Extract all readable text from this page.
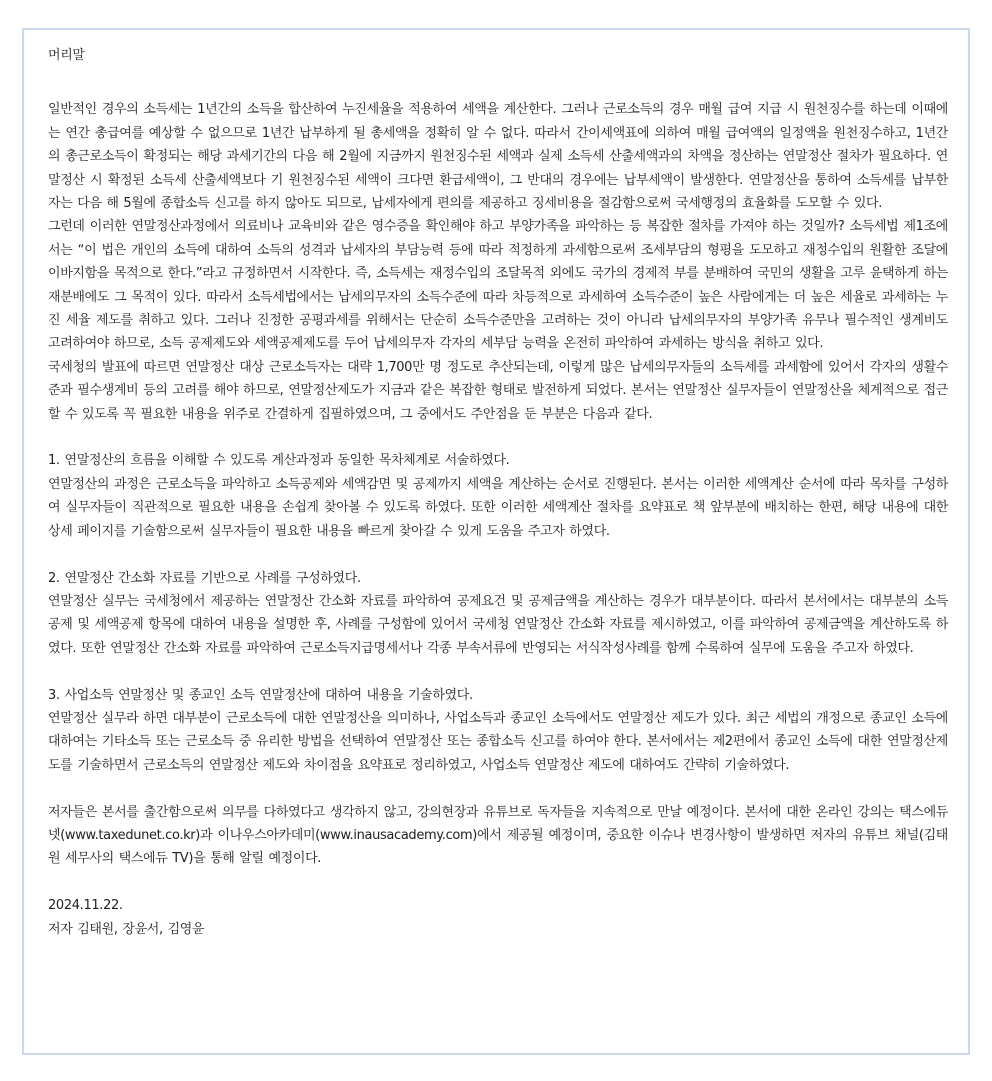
머리말

일반적인 경우의 소득세는 1년간의 소득을 합산하여 누진세율을 적용하여 세액을 계산한다. 그러나 근로소득의 경우 매월 급여 지급 시 원천징수를 하는데 이때에는 연간 총급여를 예상할 수 없으므로 1년간 납부하게 될 총세액을 정확히 알 수 없다. 따라서 간이세액표에 의하여 매월 급여액의 일정액을 원천징수하고, 1년간의 총근로소득이 확정되는 해당 과세기간의 다음 해 2월에 지금까지 원천징수된 세액과 실제 소득세 산출세액과의 차액을 정산하는 연말정산 절차가 필요하다. 연말정산 시 확정된 소득세 산출세액보다 기 원천징수된 세액이 크다면 환급세액이, 그 반대의 경우에는 납부세액이 발생한다. 연말정산을 통하여 소득세를 납부한 자는 다음 해 5월에 종합소득 신고를 하지 않아도 되므로, 납세자에게 편의를 제공하고 징세비용을 절감함으로써 국세행정의 효율화를 도모할 수 있다.

그런데 이러한 연말정산과정에서 의료비나 교육비와 같은 영수증을 확인해야 하고 부양가족을 파악하는 등 복잡한 절차를 가져야 하는 것일까? 소득세법 제1조에서는 “이 법은 개인의 소득에 대하여 소득의 성격과 납세자의 부담능력 등에 따라 적정하게 과세함으로써 조세부담의 형평을 도모하고 재정수입의 원활한 조달에 이바지함을 목적으로 한다.”라고 규정하면서 시작한다. 즉, 소득세는 재정수입의 조달목적 외에도 국가의 경제적 부를 분배하여 국민의 생활을 고루 윤택하게 하는 재분배에도 그 목적이 있다. 따라서 소득세법에서는 납세의무자의 소득수준에 따라 차등적으로 과세하여 소득수준이 높은 사람에게는 더 높은 세율로 과세하는 누진 세율 제도를 취하고 있다. 그러나 진정한 공평과세를 위해서는 단순히 소득수준만을 고려하는 것이 아니라 납세의무자의 부양가족 유무나 필수적인 생계비도 고려하여야 하므로, 소득 공제제도와 세액공제제도를 두어 납세의무자 각자의 세부담 능력을 온전히 파악하여 과세하는 방식을 취하고 있다.

국세청의 발표에 따르면 연말정산 대상 근로소득자는 대략 1,700만 명 정도로 추산되는데, 이렇게 많은 납세의무자들의 소득세를 과세함에 있어서 각자의 생활수준과 필수생계비 등의 고려를 해야 하므로, 연말정산제도가 지금과 같은 복잡한 형태로 발전하게 되었다. 본서는 연말정산 실무자들이 연말정산을 체계적으로 접근할 수 있도록 꼭 필요한 내용을 위주로 간결하게 집필하였으며, 그 중에서도 주안점을 둔 부분은 다음과 같다.

1. 연말정산의 흐름을 이해할 수 있도록 계산과정과 동일한 목차체계로 서술하였다.

연말정산의 과정은 근로소득을 파악하고 소득공제와 세액감면 및 공제까지 세액을 계산하는 순서로 진행된다. 본서는 이러한 세액계산 순서에 따라 목차를 구성하여 실무자들이 직관적으로 필요한 내용을 손쉽게 찾아볼 수 있도록 하였다. 또한 이러한 세액계산 절차를 요약표로 책 앞부분에 배치하는 한편, 해당 내용에 대한 상세 페이지를 기술함으로써 실무자들이 필요한 내용을 빠르게 찾아갈 수 있게 도움을 주고자 하였다.

2. 연말정산 간소화 자료를 기반으로 사례를 구성하였다.

연말정산 실무는 국세청에서 제공하는 연말정산 간소화 자료를 파악하여 공제요건 및 공제금액을 계산하는 경우가 대부분이다. 따라서 본서에서는 대부분의 소득공제 및 세액공제 항목에 대하여 내용을 설명한 후, 사례를 구성함에 있어서 국세청 연말정산 간소화 자료를 제시하였고, 이를 파악하여 공제금액을 계산하도록 하였다. 또한 연말정산 간소화 자료를 파악하여 근로소득지급명세서나 각종 부속서류에 반영되는 서식작성사례를 함께 수록하여 실무에 도움을 주고자 하였다.

3. 사업소득 연말정산 및 종교인 소득 연말정산에 대하여 내용을 기술하였다.

연말정산 실무라 하면 대부분이 근로소득에 대한 연말정산을 의미하나, 사업소득과 종교인 소득에서도 연말정산 제도가 있다. 최근 세법의 개정으로 종교인 소득에 대하여는 기타소득 또는 근로소득 중 유리한 방법을 선택하여 연말정산 또는 종합소득 신고를 하여야 한다. 본서에서는 제2편에서 종교인 소득에 대한 연말정산제도를 기술하면서 근로소득의 연말정산 제도와 차이점을 요약표로 정리하였고, 사업소득 연말정산 제도에 대하여도 간략히 기술하였다.

저자들은 본서를 출간함으로써 의무를 다하였다고 생각하지 않고, 강의현장과 유튜브로 독자들을 지속적으로 만날 예정이다. 본서에 대한 온라인 강의는 택스에듀넷(www.taxedunet.co.kr)과 이나우스아카데미(www.inausacademy.com)에서 제공될 예정이며, 중요한 이슈나 변경사항이 발생하면 저자의 유튜브 채널(김태원 세무사의 택스에듀 TV)을 통해 알릴 예정이다.

2024.11.22.
저자 김태원, 장윤서, 김영윤
